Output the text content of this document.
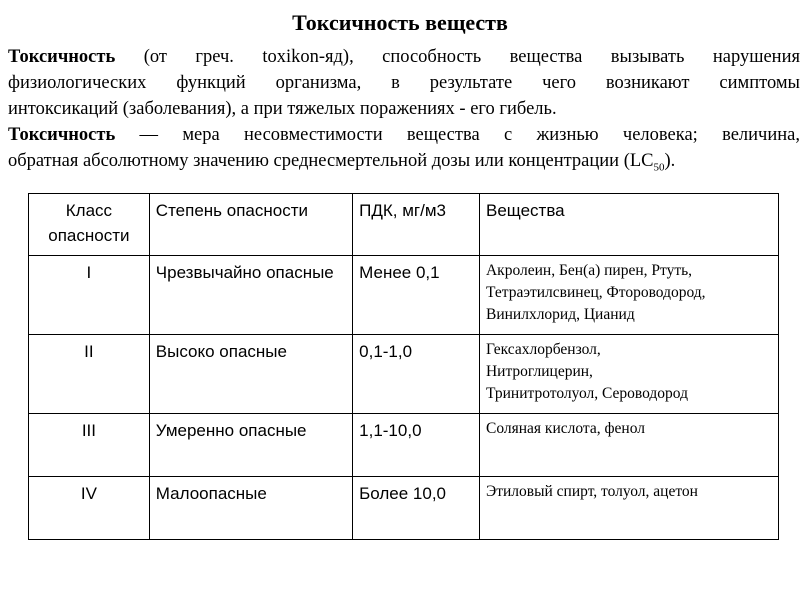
Токсичность веществ
Токсичность (от греч. toxikon-яд), способность вещества вызывать нарушения
физиологических функций организма, в результате чего возникают симптомы
интоксикаций (заболевания), а при тяжелых поражениях - его гибель.
Токсичность — мера несовместимости вещества с жизнью человека; величина,
обратная абсолютному значению среднесмертельной дозы или концентрации $(LC_{50})$.
Класс опасности	Степень опасности	ПДК, мг/м3	Вещества
I	Чрезвычайно опасные	Менее 0,1	Акролеин, Бен(а) пирен, Ртуть,
Тетраэтилсвинец, Фтороводород,
Винилхлорид, Цианид

II	Высоко опасные	0,1-1,0	Гексахлорбензол,
Нитроглицерин,
Тринитротолуол, Сероводород

III	Умеренно опасные	1,1-10,0	Соляная кислота, фенол

IV	Малоопасные	Более 10,0	Этиловый спирт, толуол, ацетон
